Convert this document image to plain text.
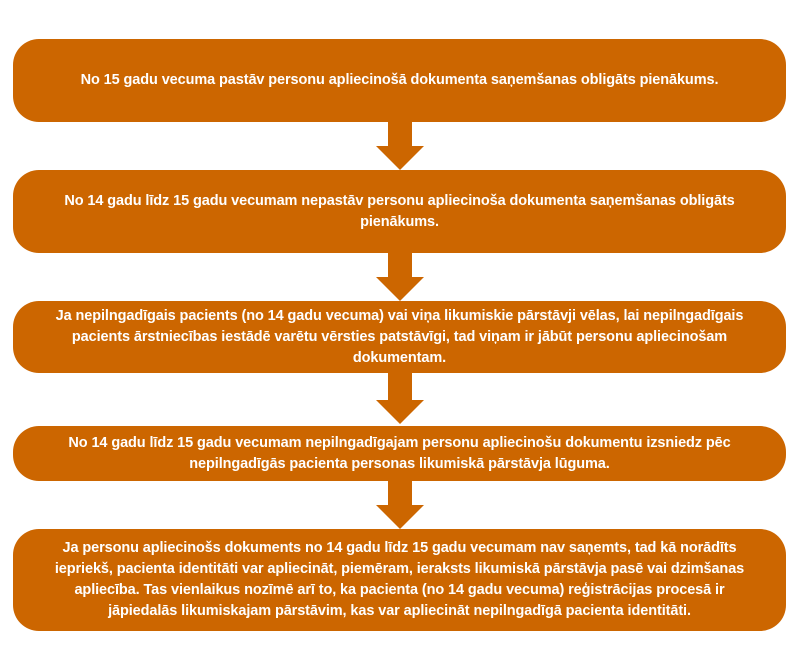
No 15 gadu vecuma pastāv personu apliecinošā dokumenta saņemšanas obligāts pienākums.
No 14 gadu līdz 15 gadu vecumam nepastāv personu apliecinoša dokumenta saņemšanas obligāts pienākums.
Ja nepilngadīgais pacients (no 14 gadu vecuma) vai viņa likumiskie pārstāvji vēlas, lai nepilngadīgais pacients ārstniecības iestādē varētu vērsties patstāvīgi, tad viņam ir jābūt personu apliecinošam dokumentam.
No 14 gadu līdz 15 gadu vecumam nepilngadīgajam personu apliecinošu dokumentu izsniedz pēc nepilngadīgās pacienta personas likumiskā pārstāvja lūguma.
Ja personu apliecinošs dokuments no 14 gadu līdz 15 gadu vecumam nav saņemts, tad kā norādīts iepriekš, pacienta identitāti var apliecināt, piemēram, ieraksts likumiskā pārstāvja pasē vai dzimšanas apliecība. Tas vienlaikus nozīmē arī to, ka pacienta (no 14 gadu vecuma) reģistrācijas procesā ir jāpiedalās likumiskajam pārstāvim, kas var apliecināt nepilngadīgā pacienta identitāti.
